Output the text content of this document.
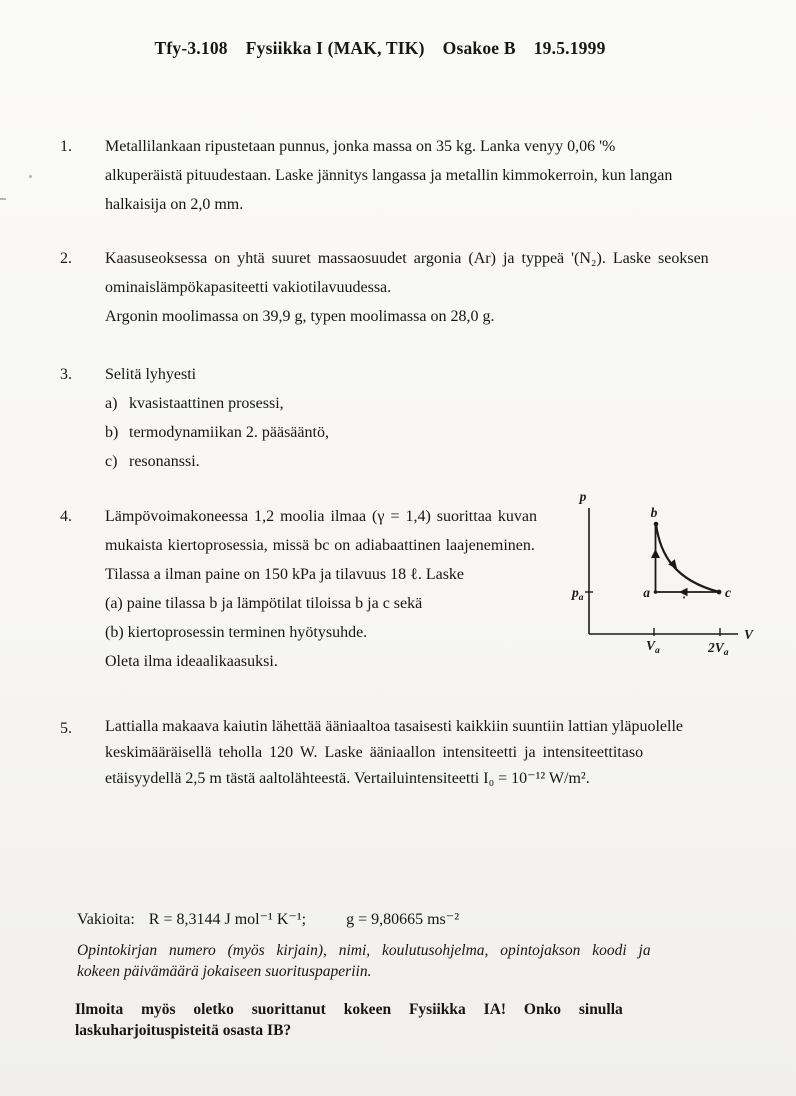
Tfy-3.108 Fysiikka I (MAK, TIK) Osakoe B 19.5.1999
1. Metallilankaan ripustetaan punnus, jonka massa on 35 kg. Lanka venyy 0,06 '%
alkuperäistä pituudestaan. Laske jännitys langassa ja metallin kimmokerroin, kun langan
halkaisija on 2,0 mm.
2. Kaasuseoksessa on yhtä suuret massaosuudet argonia (Ar) ja typpeä '(N₂). Laske seoksen
ominaislämpökapasiteetti vakiotilavuudessa.
Argonin moolimassa on 39,9 g, typen moolimassa on 28,0 g.
3. Selitä lyhyesti
a) kvasistaattinen prosessi,
b) termodynamiikan 2. pääsääntö,
c) resonanssi.
4. Lämpövoimakoneessa 1,2 moolia ilmaa (γ = 1,4) suorittaa kuvan
mukaista kiertoprosessia, missä bc on adiabaattinen laajeneminen.
Tilassa a ilman paine on 150 kPa ja tilavuus 18 ℓ. Laske
(a) paine tilassa b ja lämpötilat tiloissa b ja c sekä
(b) kiertoprosessin terminen hyötysuhde.
Oleta ilma ideaalikaasuksi.
p
V
b
a	c
$p_a$
$V_a$	$2V_a$
5. Lattialla makaava kaiutin lähettää ääniaaltoa tasaisesti kaikkiin suuntiin lattian yläpuolelle
keskimääräisellä teholla 120 W. Laske ääniaallon intensiteetti ja intensiteettitaso
etäisyydellä 2,5 m tästä aaltolähteestä. Vertailuintensiteetti I₀ = 10⁻¹² W/m².
Vakioita: R = 8,3144 J mol⁻¹ K⁻¹;	g = 9,80665 ms⁻²
Opintokirjan numero (myös kirjain), nimi, koulutusohjelma, opintojakson koodi ja
kokeen päivämäärä jokaiseen suorituspaperiin.
Ilmoita myös oletko suorittanut kokeen Fysiikka IA! Onko sinulla
laskuharjoituspisteitä osasta IB?
